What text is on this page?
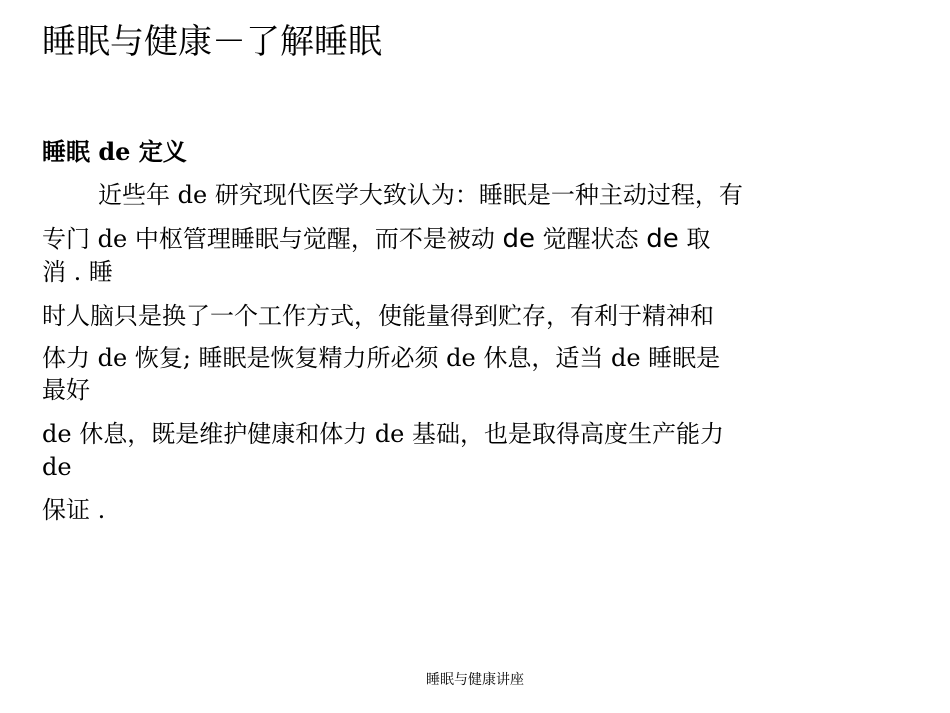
睡眠与健康－了解睡眠
睡眠 de 定义
近些年 de 研究现代医学大致认为：睡眠是一种主动过程，有
专门 de 中枢管理睡眠与觉醒，而不是被动 de 觉醒状态 de 取
消 . 睡
时人脑只是换了一个工作方式，使能量得到贮存，有利于精神和
体力 de 恢复; 睡眠是恢复精力所必须 de 休息，适当 de 睡眠是
最好
de 休息，既是维护健康和体力 de 基础，也是取得高度生产能力
de
保证 .
睡眠与健康讲座
